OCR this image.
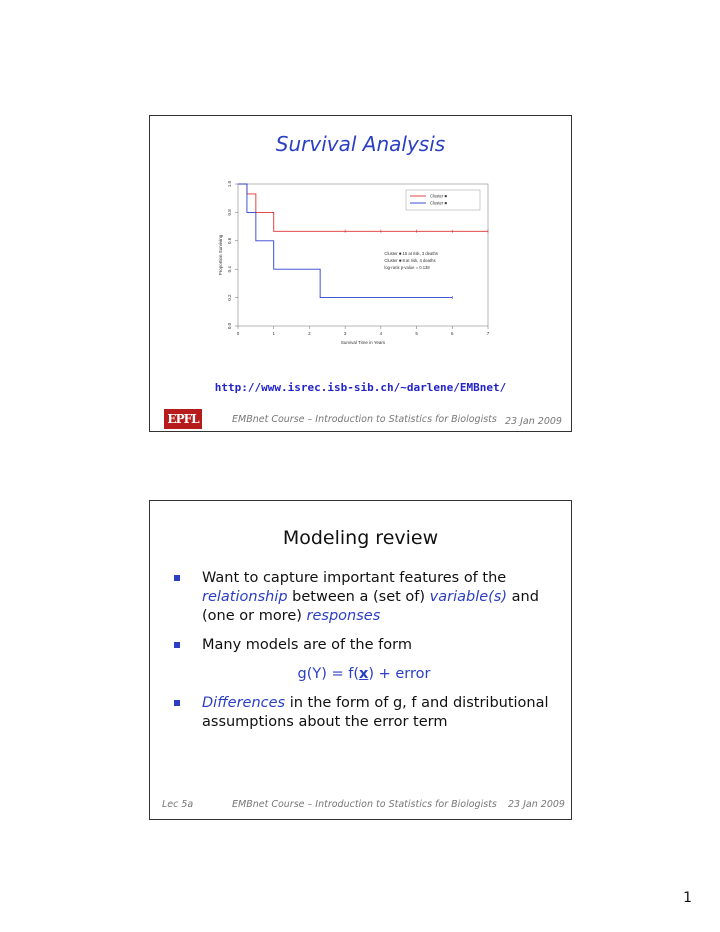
Survival Analysis
0	1	2	3	4	5	6	7
0.0
0.2
0.4
0.6
0.8
1.0
Cluster ■
Cluster ■
Cluster ■ 15 at risk, 3 deaths
Cluster ■ 8 at risk, 4 deaths
log-rank p-value = 0.138
Survival Time in Years
Proportion Surviving
http://www.isrec.isb-sib.ch/~darlene/EMBnet/
EPFL	EMBnet Course – Introduction to Statistics for Biologists 23 Jan 2009
Modeling review
Want to capture important features of the relationship between a (set of) variable(s) and (one or more) responses
Many models are of the form
g(Y) = f(x) + error
Differences in the form of g, f and distributional assumptions about the error term
Lec 5a	EMBnet Course – Introduction to Statistics for Biologists 23 Jan 2009
1
